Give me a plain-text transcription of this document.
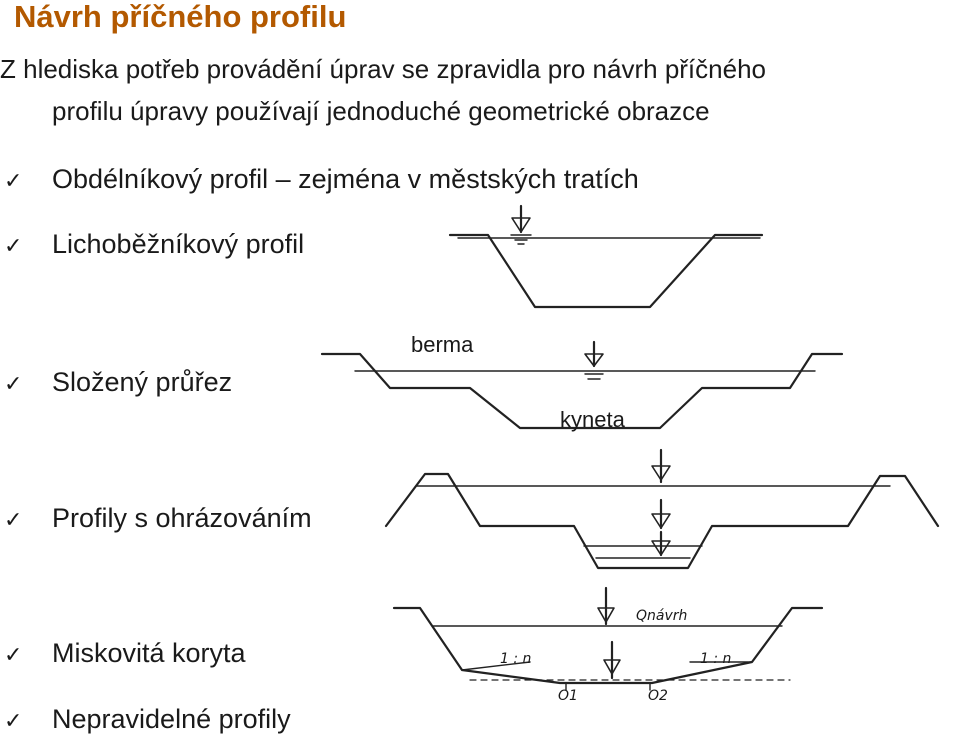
Návrh příčného profilu
Z hlediska potřeb provádění úprav se zpravidla pro návrh příčného
profilu úpravy používají jednoduché geometrické obrazce
✓ Obdélníkový profil – zejména v městských tratích
✓ Lichoběžníkový profil
✓ Složený průřez
✓ Profily s ohrázováním
✓ Miskovitá koryta
✓ Nepravidelné profily
berma
kyneta
Qnávrh
1 : n	1 : n
O1	O2
